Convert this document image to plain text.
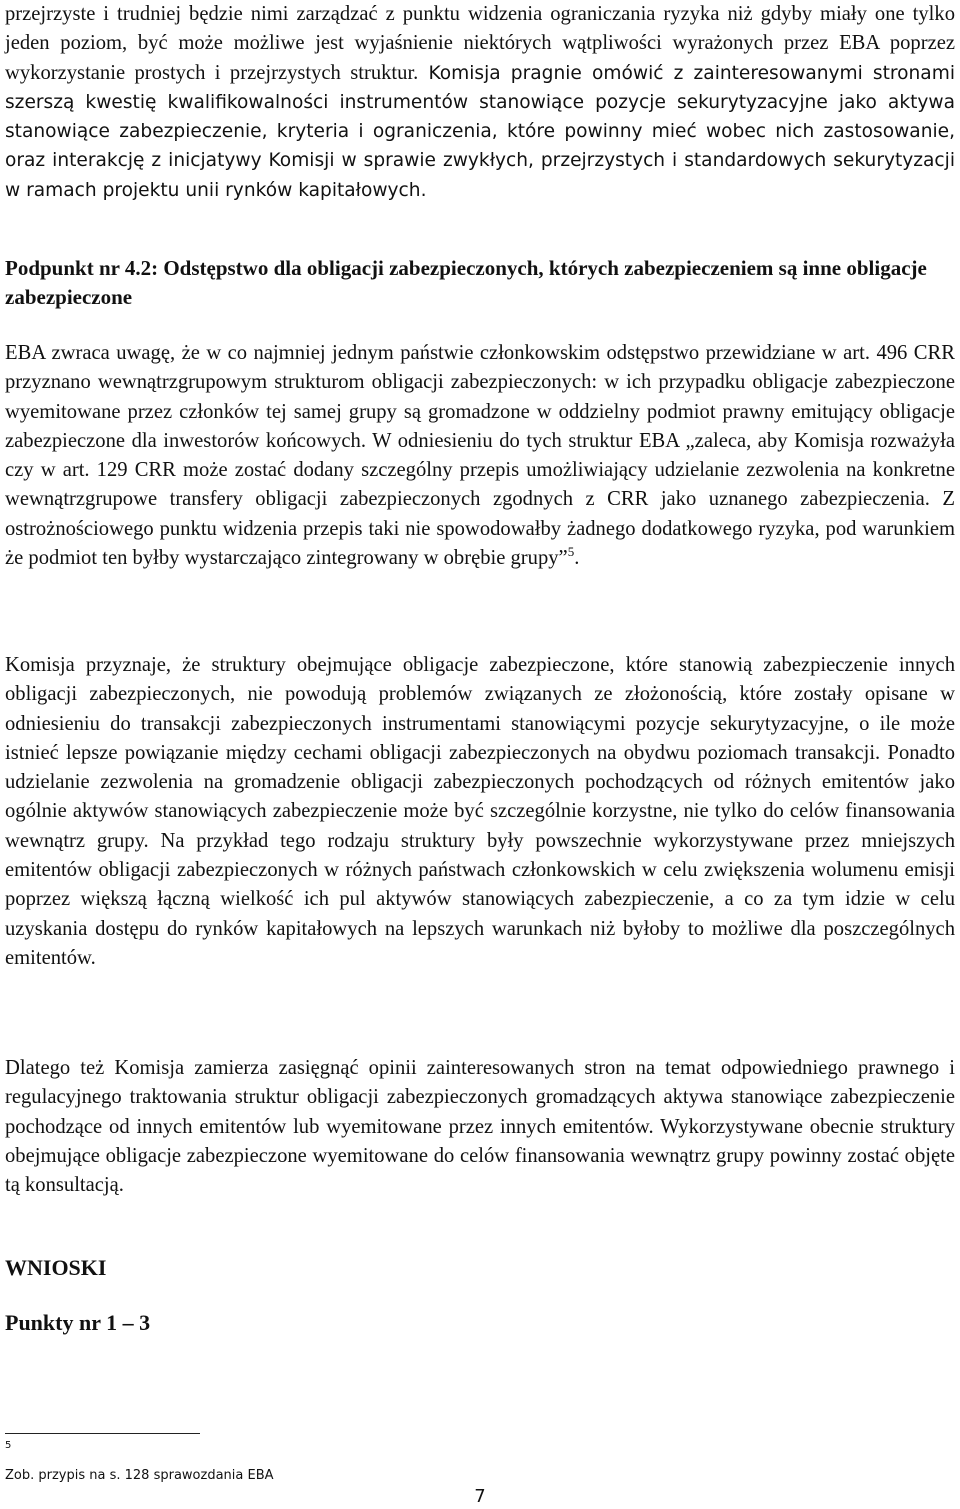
przejrzyste i trudniej będzie nimi zarządzać z punktu widzenia ograniczania ryzyka niż gdyby miały one tylko jeden poziom, być może możliwe jest wyjaśnienie niektórych wątpliwości wyrażonych przez EBA poprzez wykorzystanie prostych i przejrzystych struktur. Komisja pragnie omówić z zainteresowanymi stronami szerszą kwestię kwalifikowalności instrumentów stanowiące pozycje sekurytyzacyjne jako aktywa stanowiące zabezpieczenie, kryteria i ograniczenia, które powinny mieć wobec nich zastosowanie, oraz interakcję z inicjatywy Komisji w sprawie zwykłych, przejrzystych i standardowych sekurytyzacji w ramach projektu unii rynków kapitałowych.

Podpunkt nr 4.2: Odstępstwo dla obligacji zabezpieczonych, których zabezpieczeniem są inne obligacje zabezpieczone

EBA zwraca uwagę, że w co najmniej jednym państwie członkowskim odstępstwo przewidziane w art. 496 CRR przyznano wewnątrzgrupowym strukturom obligacji zabezpieczonych: w ich przypadku obligacje zabezpieczone wyemitowane przez członków tej samej grupy są gromadzone w oddzielny podmiot prawny emitujący obligacje zabezpieczone dla inwestorów końcowych. W odniesieniu do tych struktur EBA „zaleca, aby Komisja rozważyła czy w art. 129 CRR może zostać dodany szczególny przepis umożliwiający udzielanie zezwolenia na konkretne wewnątrzgrupowe transfery obligacji zabezpieczonych zgodnych z CRR jako uznanego zabezpieczenia. Z ostrożnościowego punktu widzenia przepis taki nie spowodowałby żadnego dodatkowego ryzyka, pod warunkiem że podmiot ten byłby wystarczająco zintegrowany w obrębie grupy”$^5$.

Komisja przyznaje, że struktury obejmujące obligacje zabezpieczone, które stanowią zabezpieczenie innych obligacji zabezpieczonych, nie powodują problemów związanych ze złożonością, które zostały opisane w odniesieniu do transakcji zabezpieczonych instrumentami stanowiącymi pozycje sekurytyzacyjne, o ile może istnieć lepsze powiązanie między cechami obligacji zabezpieczonych na obydwu poziomach transakcji. Ponadto udzielanie zezwolenia na gromadzenie obligacji zabezpieczonych pochodzących od różnych emitentów jako ogólnie aktywów stanowiących zabezpieczenie może być szczególnie korzystne, nie tylko do celów finansowania wewnątrz grupy. Na przykład tego rodzaju struktury były powszechnie wykorzystywane przez mniejszych emitentów obligacji zabezpieczonych w różnych państwach członkowskich w celu zwiększenia wolumenu emisji poprzez większą łączną wielkość ich pul aktywów stanowiących zabezpieczenie, a co za tym idzie w celu uzyskania dostępu do rynków kapitałowych na lepszych warunkach niż byłoby to możliwe dla poszczególnych emitentów.

Dlatego też Komisja zamierza zasięgnąć opinii zainteresowanych stron na temat odpowiedniego prawnego i regulacyjnego traktowania struktur obligacji zabezpieczonych gromadzących aktywa stanowiące zabezpieczenie pochodzące od innych emitentów lub wyemitowane przez innych emitentów. Wykorzystywane obecnie struktury obejmujące obligacje zabezpieczone wyemitowane do celów finansowania wewnątrz grupy powinny zostać objęte tą konsultacją.

WNIOSKI

Punkty nr 1 – 3

$^5$
Zob. przypis na s. 128 sprawozdania EBA
7
